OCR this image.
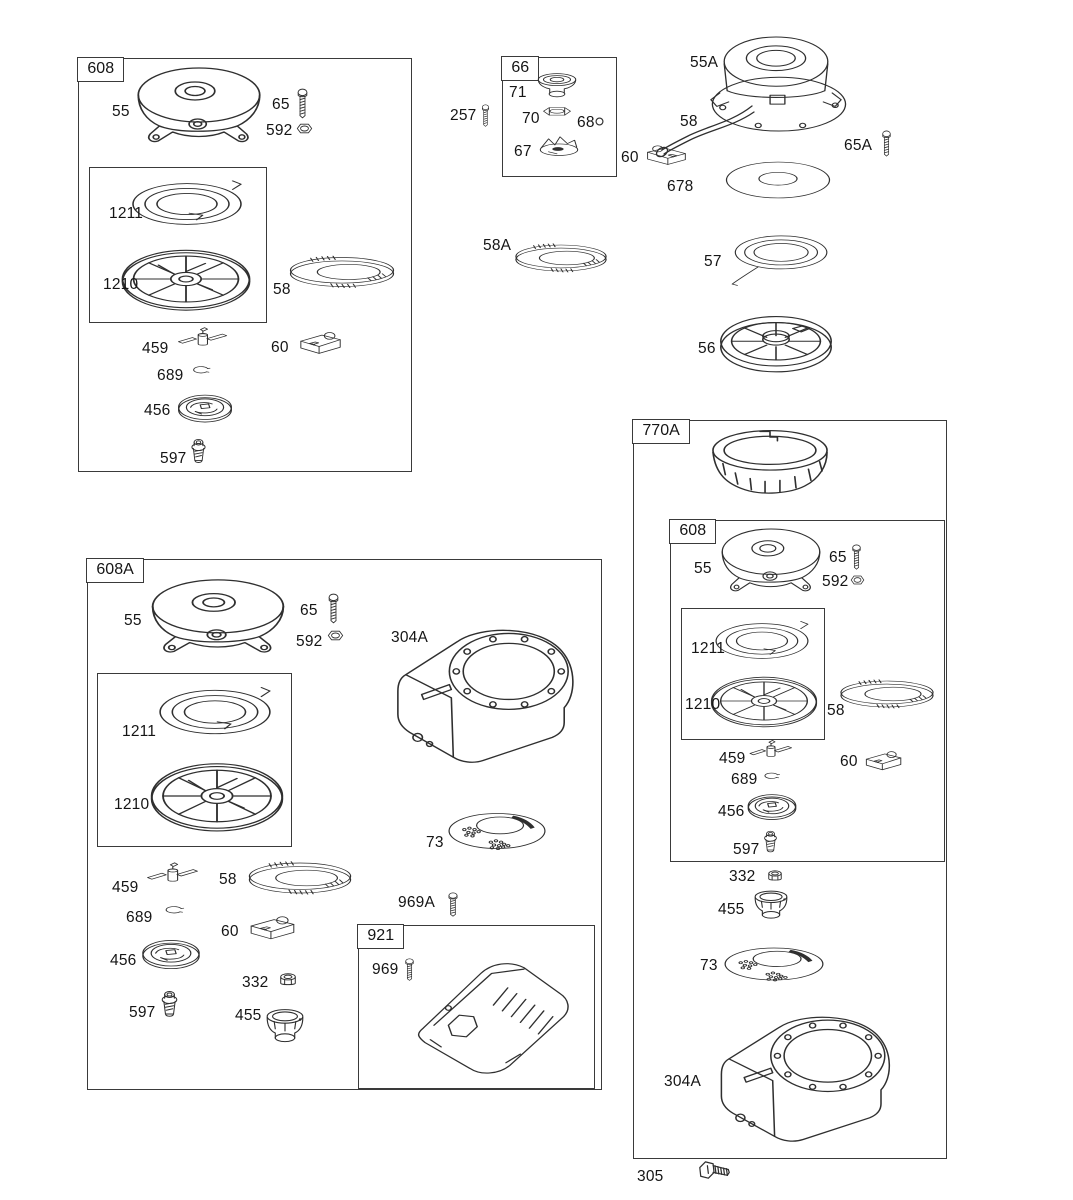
608
55	65
592
1211
1210	58
459	60
689
456
597
66
71
70 68
67
257
55A
58
60
65A
678
57
56
58A
770A
608
55
65
592
1211
1210	58
459	60
689
456
597
332
455
73
304A
305
608A
55
65
592	304A
1211
1210
459	58
689
60
456
332
597	455
73
969A
921
969
